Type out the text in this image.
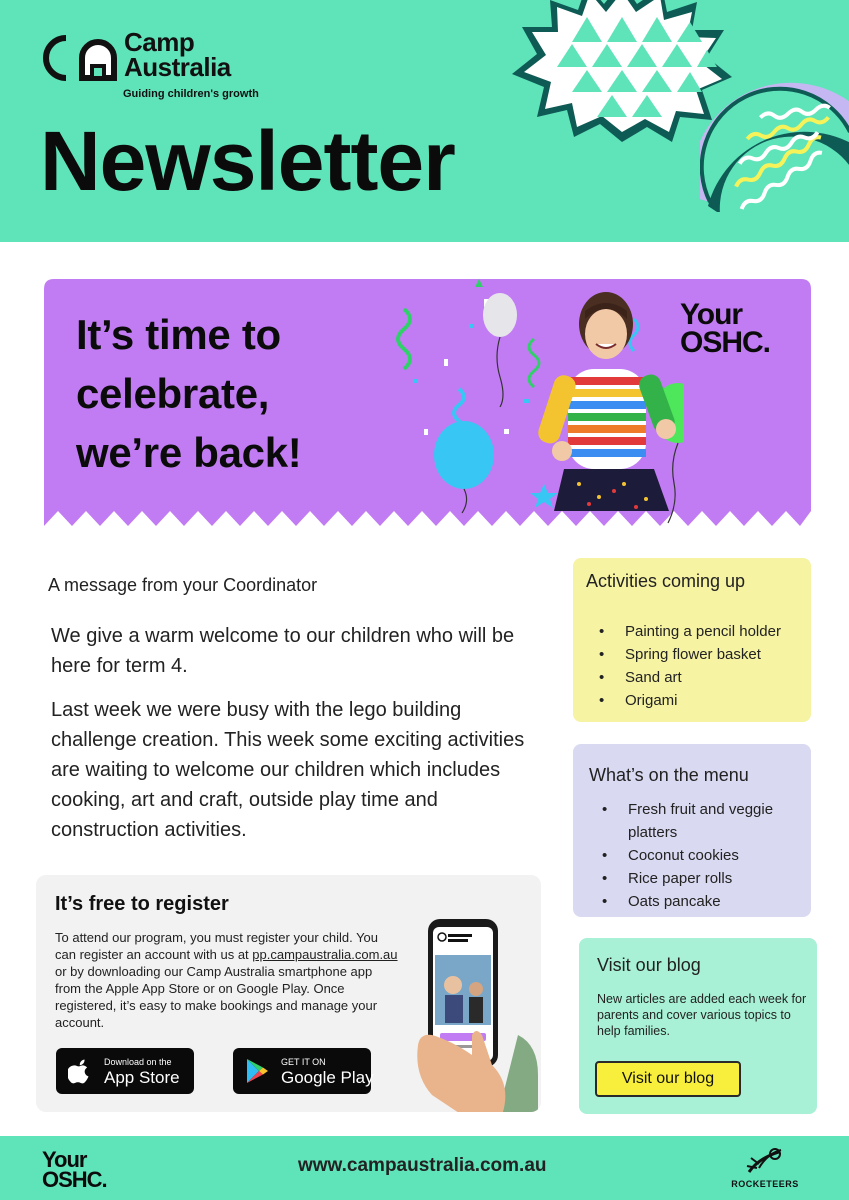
Camp Australia
Guiding children's growth
Newsletter
It’s time to
celebrate,
we’re back!
Your OSHC.
A message from your Coordinator

We give a warm welcome to our children who will be here for term 4.

Last week we were busy with the lego building challenge creation. This week some exciting activities are waiting to welcome our children which includes cooking, art and craft, outside play time and construction activities.

It’s free to register

To attend our program, you must register your child. You can register an account with us at pp.campaustralia.com.au or by downloading our Camp Australia smartphone app from the Apple App Store or on Google Play. Once registered, it’s easy to make bookings and manage your account.

Download on the
App Store
GET IT ON
Google Play
Activities coming up
• Painting a pencil holder
• Spring flower basket
• Sand art
• Origami
What’s on the menu
• Fresh fruit and veggie platters
• Coconut cookies
• Rice paper rolls
• Oats pancake
Visit our blog

New articles are added each week for parents and cover various topics to help families.

Visit our blog
Your OSHC.
www.campaustralia.com.au
ROCKETEERS
